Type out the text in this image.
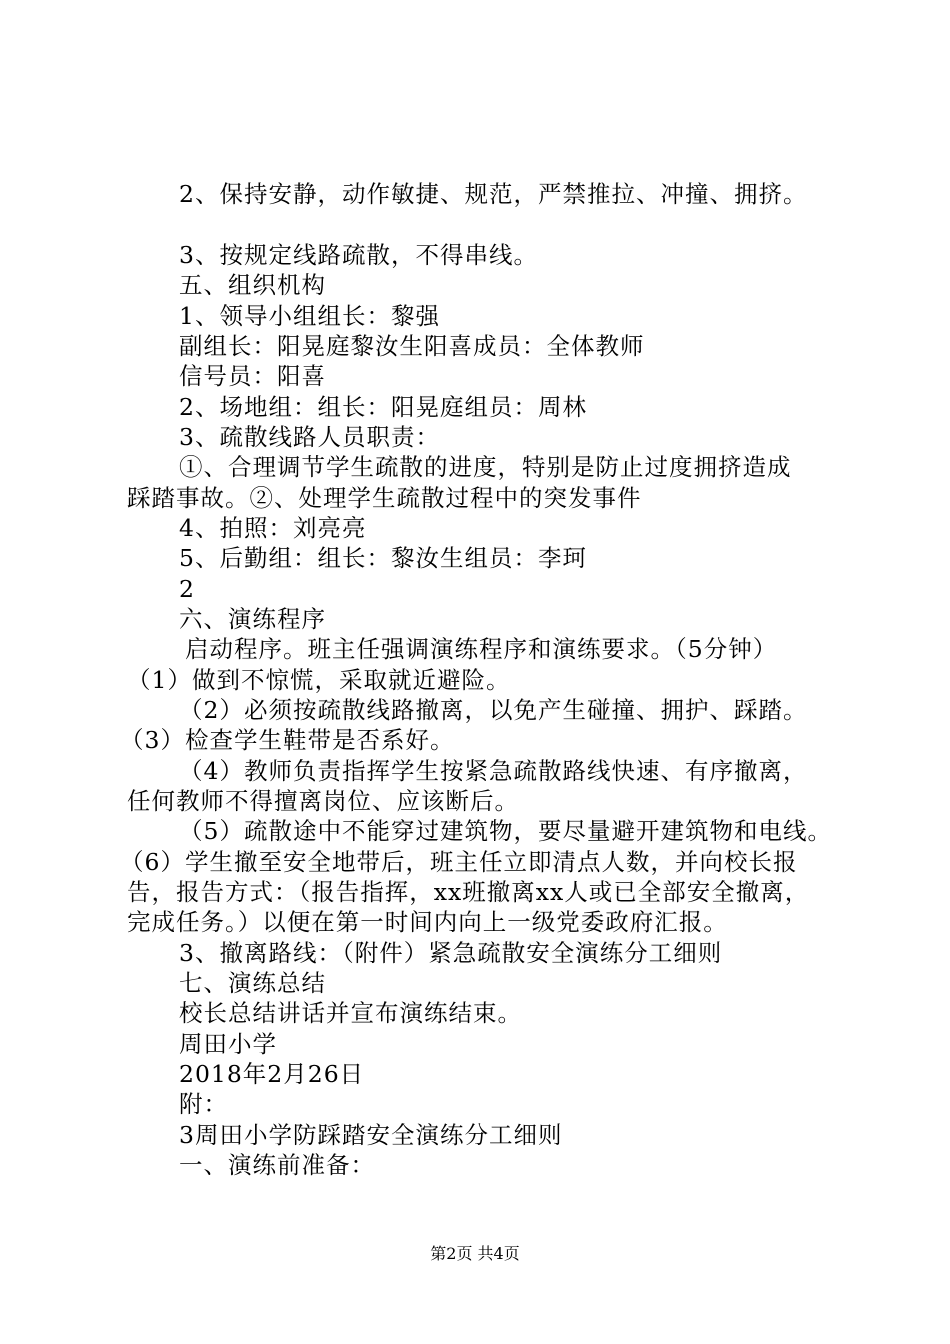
2、保持安静，动作敏捷、规范，严禁推拉、冲撞、拥挤。
3、按规定线路疏散，不得串线。
五、组织机构
1、领导小组组长：黎强
副组长：阳晃庭黎汝生阳喜成员：全体教师
信号员：阳喜
2、场地组：组长：阳晃庭组员：周林
3、疏散线路人员职责：
①、合理调节学生疏散的进度，特别是防止过度拥挤造成
踩踏事故。②、处理学生疏散过程中的突发事件
4、拍照：刘亮亮
5、后勤组：组长：黎汝生组员：李珂
2
六、演练程序
启动程序。班主任强调演练程序和演练要求。（5分钟）
（1）做到不惊慌，采取就近避险。
（2）必须按疏散线路撤离，以免产生碰撞、拥护、踩踏。
（3）检查学生鞋带是否系好。
（4）教师负责指挥学生按紧急疏散路线快速、有序撤离，
任何教师不得擅离岗位、应该断后。
（5）疏散途中不能穿过建筑物，要尽量避开建筑物和电线。
（6）学生撤至安全地带后，班主任立即清点人数，并向校长报
告，报告方式：（报告指挥，xx班撤离xx人或已全部安全撤离，
完成任务。）以便在第一时间内向上一级党委政府汇报。
3、撤离路线：（附件）紧急疏散安全演练分工细则
七、演练总结
校长总结讲话并宣布演练结束。
周田小学
2018年2月26日
附：
3周田小学防踩踏安全演练分工细则
一、演练前准备：
第2页 共4页
